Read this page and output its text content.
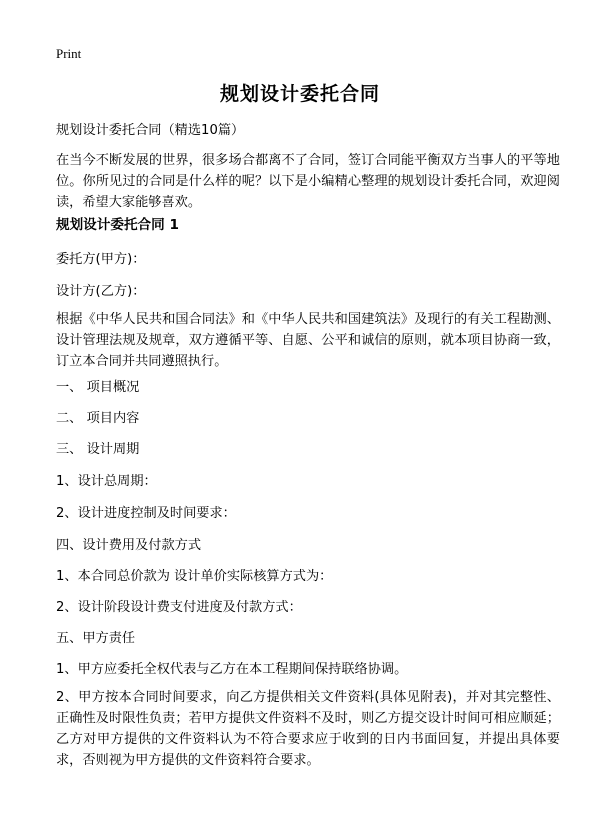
Print
规划设计委托合同
规划设计委托合同（精选10篇）
在当今不断发展的世界，很多场合都离不了合同，签订合同能平衡双方当事人的平等地位。你所见过的合同是什么样的呢？以下是小编精心整理的规划设计委托合同，欢迎阅读，希望大家能够喜欢。
规划设计委托合同 1
委托方(甲方)：
设计方(乙方)：
根据《中华人民共和国合同法》和《中华人民共和国建筑法》及现行的有关工程勘测、设计管理法规及规章，双方遵循平等、自愿、公平和诚信的原则，就本项目协商一致，订立本合同并共同遵照执行。
一、 项目概况
二、 项目内容
三、 设计周期
1、设计总周期：
2、设计进度控制及时间要求：
四、设计费用及付款方式
1、本合同总价款为 设计单价实际核算方式为：
2、设计阶段设计费支付进度及付款方式：
五、甲方责任
1、甲方应委托全权代表与乙方在本工程期间保持联络协调。
2、甲方按本合同时间要求，向乙方提供相关文件资料(具体见附表)，并对其完整性、正确性及时限性负责；若甲方提供文件资料不及时，则乙方提交设计时间可相应顺延；乙方对甲方提供的文件资料认为不符合要求应于收到的日内书面回复，并提出具体要求，否则视为甲方提供的文件资料符合要求。
